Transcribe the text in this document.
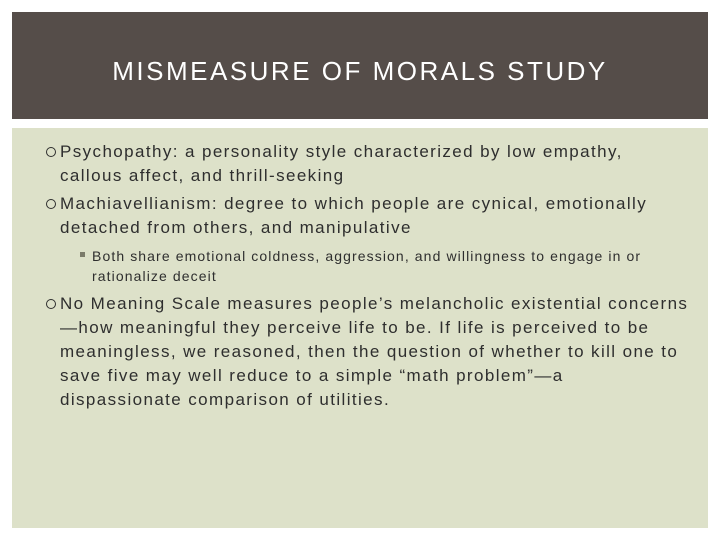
MISMEASURE OF MORALS STUDY
Psychopathy: a personality style characterized by low empathy, callous affect, and thrill-seeking
Machiavellianism: degree to which people are cynical, emotionally detached from others, and manipulative
Both share emotional coldness, aggression, and willingness to engage in or rationalize deceit
No Meaning Scale measures people’s melancholic existential concerns—how meaningful they perceive life to be. If life is perceived to be meaningless, we reasoned, then the question of whether to kill one to save five may well reduce to a simple “math problem”—a dispassionate comparison of utilities.
